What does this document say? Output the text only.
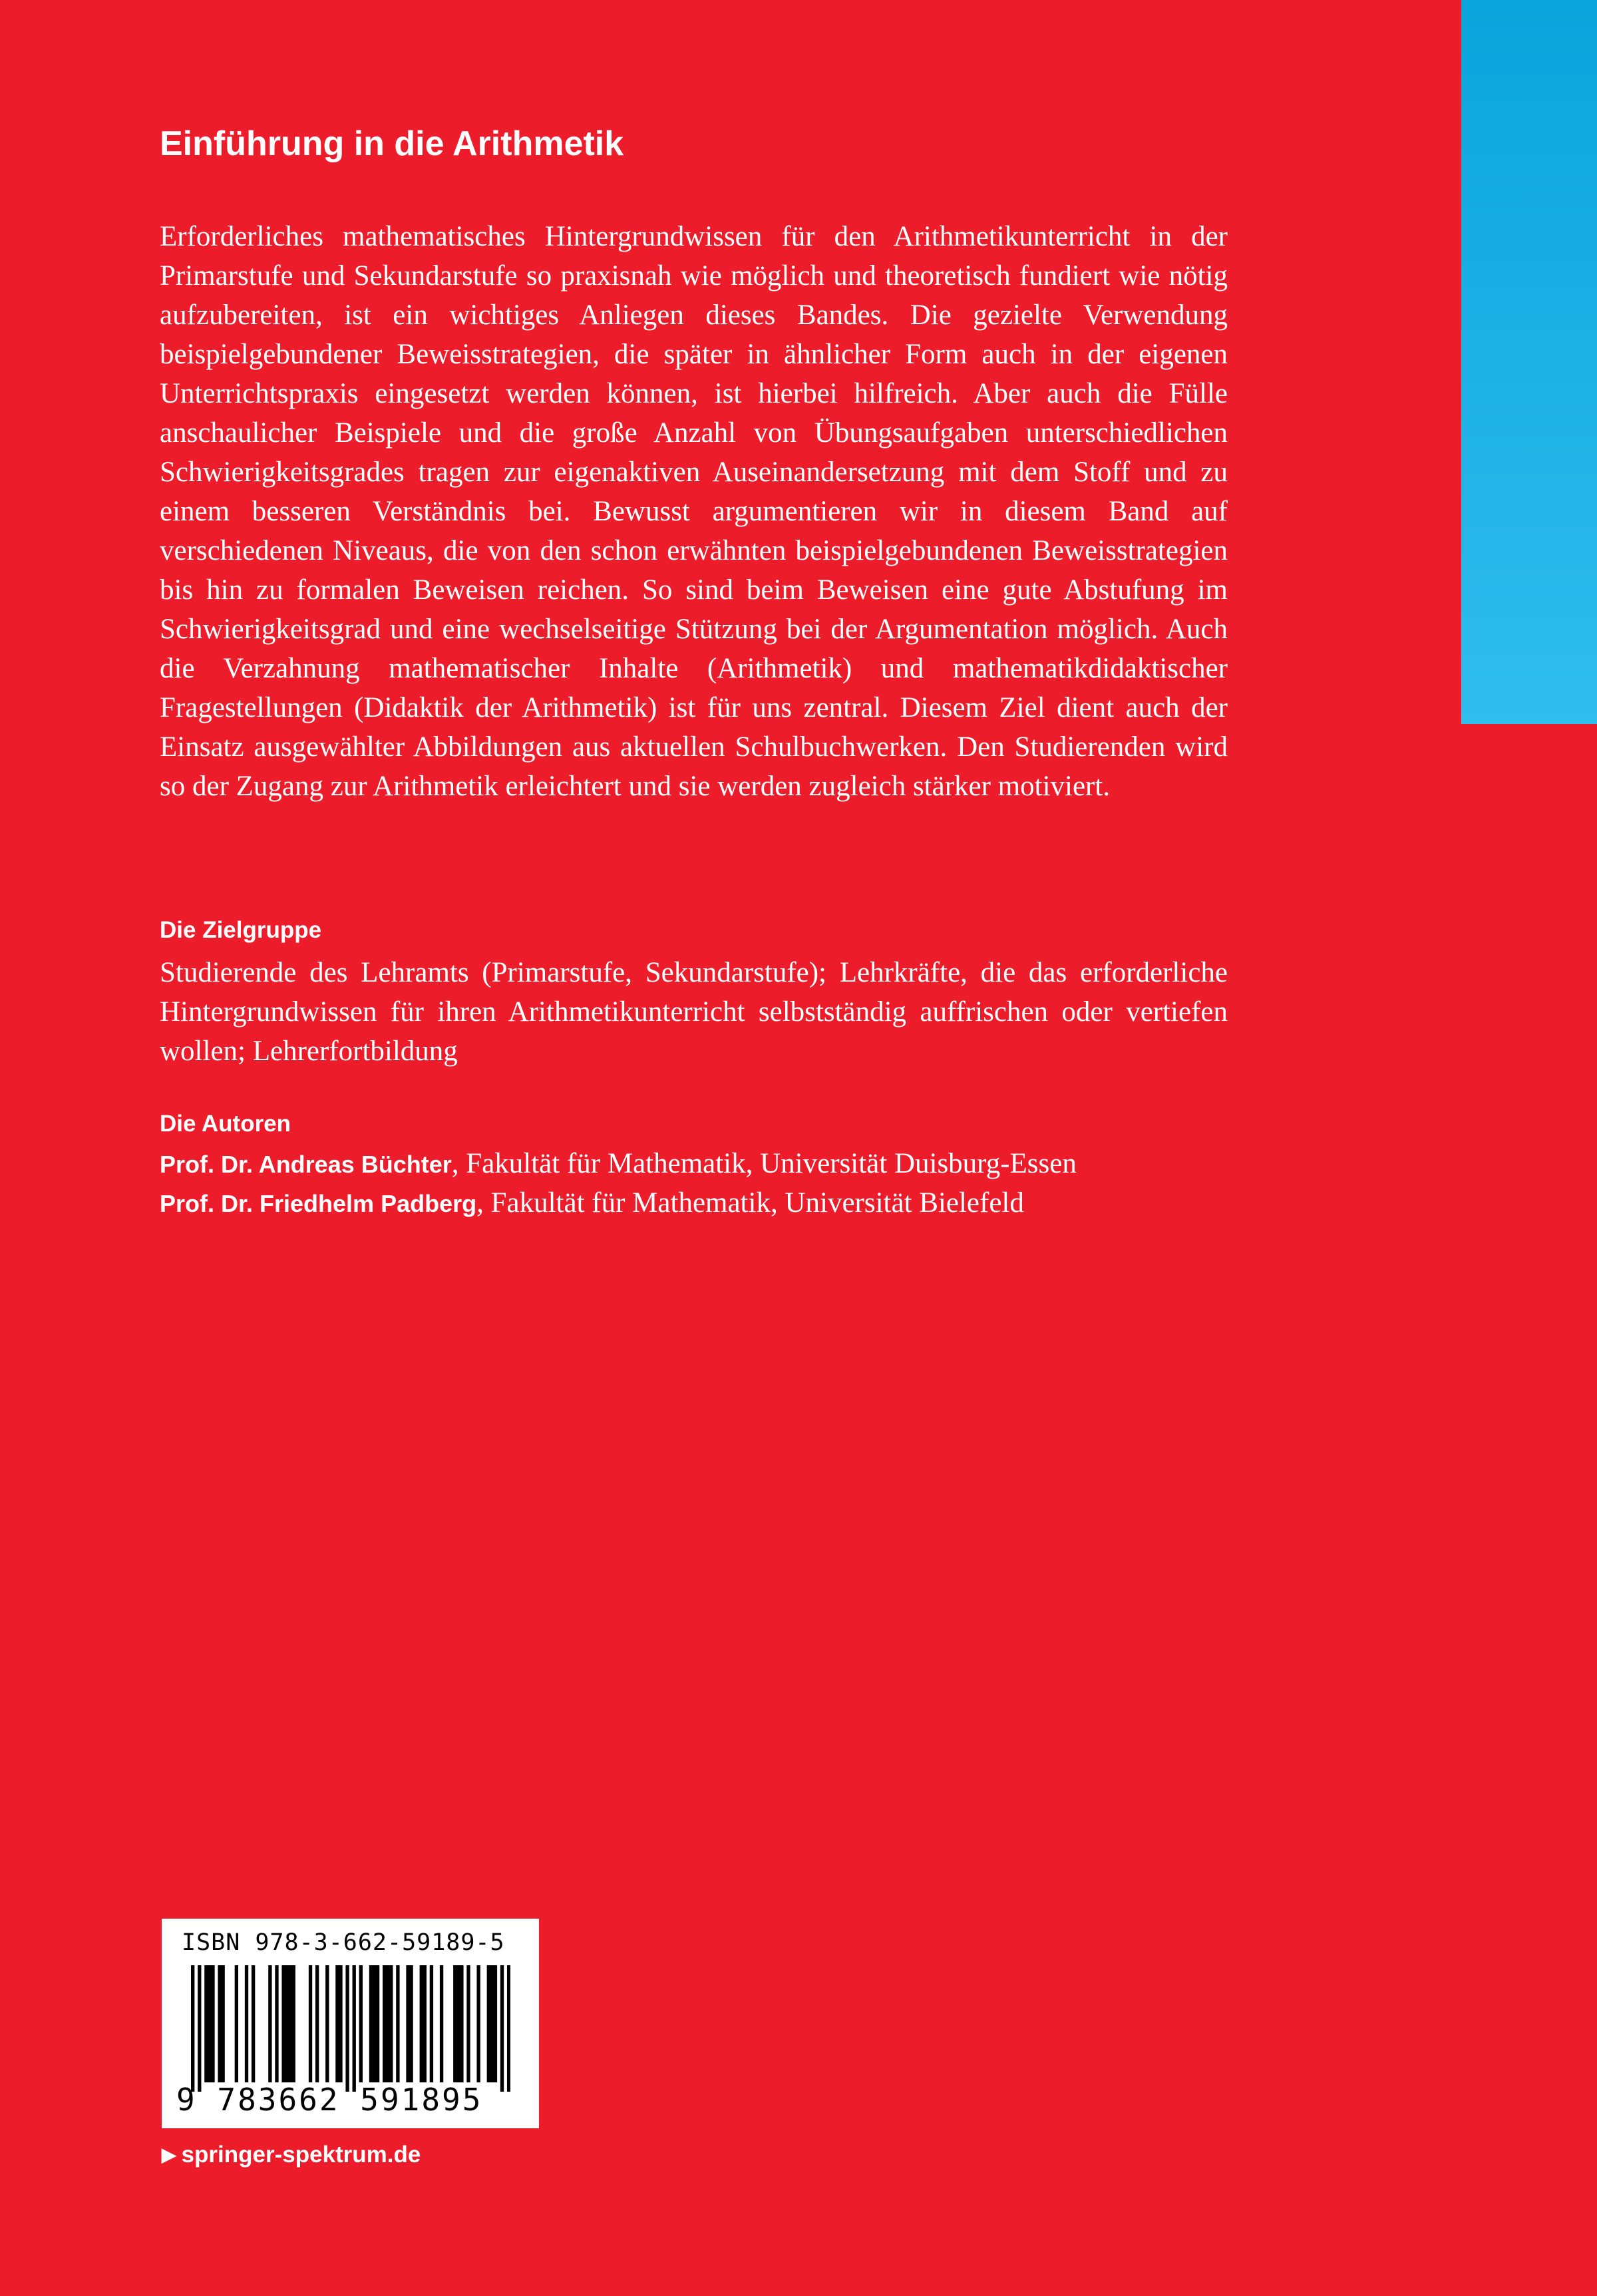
Einführung in die Arithmetik

Erforderliches mathematisches Hintergrundwissen für den Arithmetikunterricht in der Primarstufe und Sekundarstufe so praxisnah wie möglich und theoretisch fundiert wie nötig aufzubereiten, ist ein wichtiges Anliegen dieses Bandes. Die gezielte Verwendung beispielgebundener Beweisstrategien, die später in ähnlicher Form auch in der eigenen Unterrichtspraxis eingesetzt werden können, ist hierbei hilfreich. Aber auch die Fülle anschaulicher Beispiele und die große Anzahl von Übungsaufgaben unterschiedlichen Schwierigkeitsgrades tragen zur eigenaktiven Auseinandersetzung mit dem Stoff und zu einem besseren Verständnis bei. Bewusst argumentieren wir in diesem Band auf verschiedenen Niveaus, die von den schon erwähnten beispielgebundenen Beweisstrategien bis hin zu formalen Beweisen reichen. So sind beim Beweisen eine gute Abstufung im Schwierigkeitsgrad und eine wechselseitige Stützung bei der Argumentation möglich. Auch die Verzahnung mathematischer Inhalte (Arithmetik) und mathematikdidaktischer Fragestellungen (Didaktik der Arithmetik) ist für uns zentral. Diesem Ziel dient auch der Einsatz ausgewählter Abbildungen aus aktuellen Schulbuchwerken. Den Studierenden wird so der Zugang zur Arithmetik erleichtert und sie werden zugleich stärker motiviert.

Die Zielgruppe

Studierende des Lehramts (Primarstufe, Sekundarstufe); Lehrkräfte, die das erforderliche Hintergrundwissen für ihren Arithmetikunterricht selbstständig auffrischen oder vertiefen wollen; Lehrerfortbildung

Die Autoren
Prof. Dr. Andreas Büchter, Fakultät für Mathematik, Universität Duisburg-Essen
Prof. Dr. Friedhelm Padberg, Fakultät für Mathematik, Universität Bielefeld

ISBN 978-3-662-59189-5

9 783662 591895

▶ springer-spektrum.de
